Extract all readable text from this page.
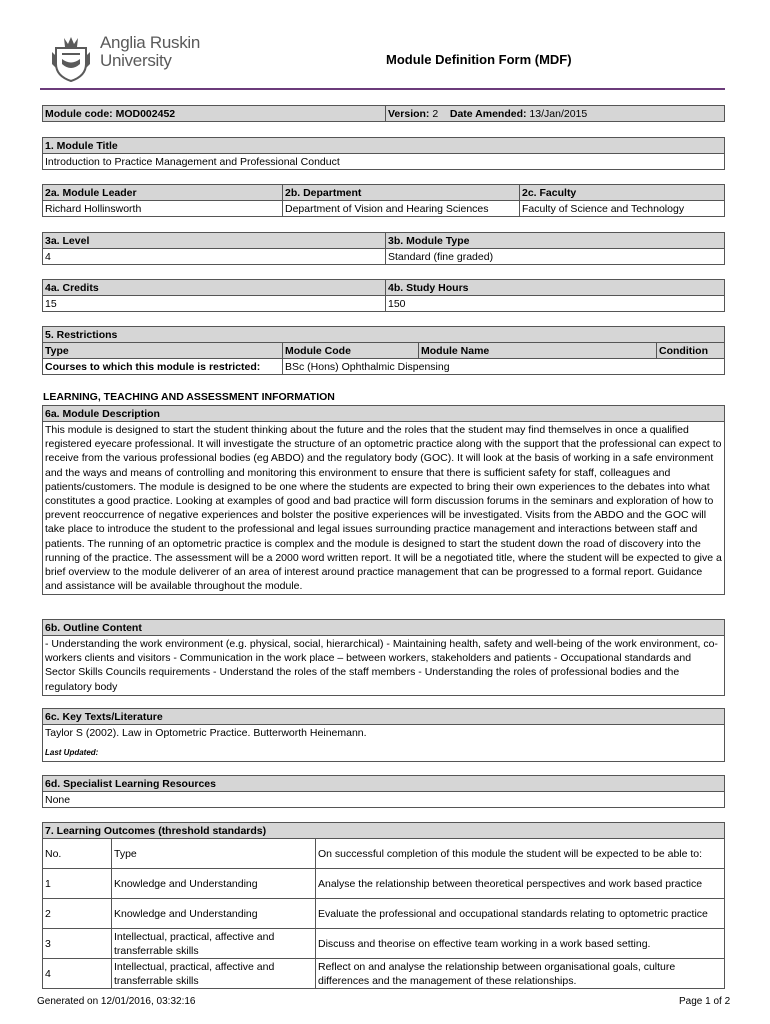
Anglia Ruskin
University	Module Definition Form (MDF)
Module code: MOD002452	Version: 2 Date Amended: 13/Jan/2015
1. Module Title
Introduction to Practice Management and Professional Conduct
2a. Module Leader	2b. Department	2c. Faculty
Richard Hollinsworth	Department of Vision and Hearing Sciences	Faculty of Science and Technology
3a. Level	3b. Module Type
4	Standard (fine graded)
4a. Credits	4b. Study Hours
15	150
5. Restrictions			
Type	Module Code	Module Name	Condition
Courses to which this module is restricted:	BSc (Hons) Ophthalmic Dispensing		
LEARNING, TEACHING AND ASSESSMENT INFORMATION
6a. Module Description
This module is designed to start the student thinking about the future and the roles that the student may find themselves in once a qualified registered eyecare professional. It will investigate the structure of an optometric practice along with the support that the professional can expect to receive from the various professional bodies (eg ABDO) and the regulatory body (GOC). It will look at the basis of working in a safe environment and the ways and means of controlling and monitoring this environment to ensure that there is sufficient safety for staff, colleagues and patients/customers. The module is designed to be one where the students are expected to bring their own experiences to the debates into what constitutes a good practice. Looking at examples of good and bad practice will form discussion forums in the seminars and exploration of how to prevent reoccurrence of negative experiences and bolster the positive experiences will be investigated. Visits from the ABDO and the GOC will take place to introduce the student to the professional and legal issues surrounding practice management and interactions between staff and patients. The running of an optometric practice is complex and the module is designed to start the student down the road of discovery into the running of the practice. The assessment will be a 2000 word written report. It will be a negotiated title, where the student will be expected to give a brief overview to the module deliverer of an area of interest around practice management that can be progressed to a formal report. Guidance and assistance will be available throughout the module.
6b. Outline Content
- Understanding the work environment (e.g. physical, social, hierarchical) - Maintaining health, safety and well-being of the work environment, co-workers clients and visitors - Communication in the work place – between workers, stakeholders and patients - Occupational standards and Sector Skills Councils requirements - Understand the roles of the staff members - Understanding the roles of professional bodies and the regulatory body
6c. Key Texts/Literature
Taylor S (2002). Law in Optometric Practice. Butterworth Heinemann.
Last Updated:
6d. Specialist Learning Resources
None
7. Learning Outcomes (threshold standards)		
No.	Type	On successful completion of this module the student will be expected to be able to:
1	Knowledge and Understanding	Analyse the relationship between theoretical perspectives and work based practice
2	Knowledge and Understanding	Evaluate the professional and occupational standards relating to optometric practice
3	Intellectual, practical, affective and transferrable skills	Discuss and theorise on effective team working in a work based setting.
4	Intellectual, practical, affective and transferrable skills	Reflect on and analyse the relationship between organisational goals, culture differences and the management of these relationships.
Generated on 12/01/2016, 03:32:16	Page 1 of 2
